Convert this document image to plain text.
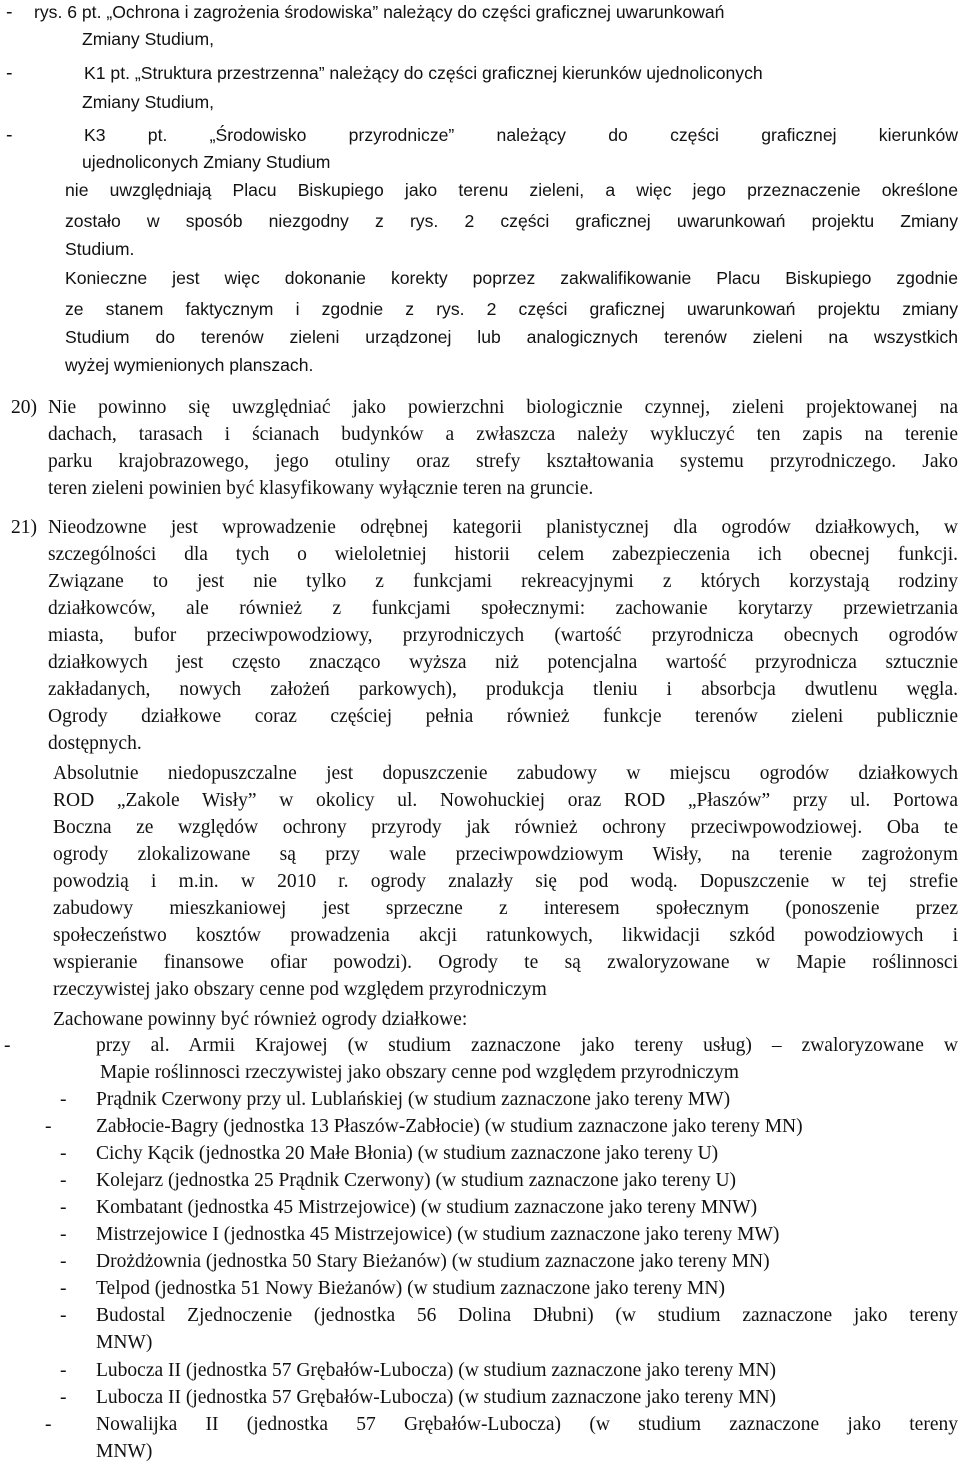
- rys. 6 pt. „Ochrona i zagrożenia środowiska” należący do części graficznej uwarunkowań
Zmiany Studium,
-	K1 pt. „Struktura przestrzenna” należący do części graficznej kierunków ujednoliconych
Zmiany Studium,
-	K3 pt. „Środowisko przyrodnicze” należący do części graficznej kierunków
ujednoliconych Zmiany Studium
nie uwzględniają Placu Biskupiego jako terenu zieleni, a więc jego przeznaczenie określone
zostało w sposób niezgodny z rys. 2 części graficznej uwarunkowań projektu Zmiany
Studium.
Konieczne jest więc dokonanie korekty poprzez zakwalifikowanie Placu Biskupiego zgodnie
ze stanem faktycznym i zgodnie z rys. 2 części graficznej uwarunkowań projektu zmiany
Studium do terenów zieleni urządzonej lub analogicznych terenów zieleni na wszystkich
wyżej wymienionych planszach.
20) Nie powinno się uwzględniać jako powierzchni biologicznie czynnej, zieleni projektowanej na
dachach, tarasach i ścianach budynków a zwłaszcza należy wykluczyć ten zapis na terenie
parku krajobrazowego, jego otuliny oraz strefy kształtowania systemu przyrodniczego. Jako
teren zieleni powinien być klasyfikowany wyłącznie teren na gruncie.
21) Nieodzowne jest wprowadzenie odrębnej kategorii planistycznej dla ogrodów działkowych, w
szczególności dla tych o wieloletniej historii celem zabezpieczenia ich obecnej funkcji.
Związane to jest nie tylko z funkcjami rekreacyjnymi z których korzystają rodziny
działkowców, ale również z funkcjami społecznymi: zachowanie korytarzy przewietrzania
miasta, bufor przeciwpowodziowy, przyrodniczych (wartość przyrodnicza obecnych ogrodów
działkowych jest często znacząco wyższa niż potencjalna wartość przyrodnicza sztucznie
zakładanych, nowych założeń parkowych), produkcja tleniu i absorbcja dwutlenu węgla.
Ogrody działkowe coraz częściej pełnia również funkcje terenów zieleni publicznie
dostępnych.
Absolutnie niedopuszczalne jest dopuszczenie zabudowy w miejscu ogrodów działkowych
ROD „Zakole Wisły” w okolicy ul. Nowohuckiej oraz ROD „Płaszów” przy ul. Portowa
Boczna ze względów ochrony przyrody jak również ochrony przeciwpowodziowej. Oba te
ogrody zlokalizowane są przy wale przeciwpowdziowym Wisły, na terenie zagrożonym
powodzią i m.in. w 2010 r. ogrody znalazły się pod wodą. Dopuszczenie w tej strefie
zabudowy mieszkaniowej jest sprzeczne z interesem społecznym (ponoszenie przez
społeczeństwo kosztów prowadzenia akcji ratunkowych, likwidacji szkód powodziowych i
wspieranie finansowe ofiar powodzi). Ogrody te są zwaloryzowane w Mapie roślinnosci
rzeczywistej jako obszary cenne pod względem przyrodniczym
Zachowane powinny być również ogrody działkowe:
-	przy al. Armii Krajowej (w studium zaznaczone jako tereny usług) – zwaloryzowane w
Mapie roślinnosci rzeczywistej jako obszary cenne pod względem przyrodniczym
- Prądnik Czerwony przy ul. Lublańskiej (w studium zaznaczone jako tereny MW)
- Zabłocie-Bagry (jednostka 13 Płaszów-Zabłocie) (w studium zaznaczone jako tereny MN)
- Cichy Kącik (jednostka 20 Małe Błonia) (w studium zaznaczone jako tereny U)
- Kolejarz (jednostka 25 Prądnik Czerwony) (w studium zaznaczone jako tereny U)
- Kombatant (jednostka 45 Mistrzejowice) (w studium zaznaczone jako tereny MNW)
- Mistrzejowice I (jednostka 45 Mistrzejowice) (w studium zaznaczone jako tereny MW)
- Drożdżownia (jednostka 50 Stary Bieżanów) (w studium zaznaczone jako tereny MN)
- Telpod (jednostka 51 Nowy Bieżanów) (w studium zaznaczone jako tereny MN)
- Budostal Zjednoczenie (jednostka 56 Dolina Dłubni) (w studium zaznaczone jako tereny
MNW)
- Lubocza II (jednostka 57 Grębałów-Lubocza) (w studium zaznaczone jako tereny MN)
- Lubocza II (jednostka 57 Grębałów-Lubocza) (w studium zaznaczone jako tereny MN)
- Nowalijka II (jednostka 57 Grębałów-Lubocza) (w studium zaznaczone jako tereny
MNW)
